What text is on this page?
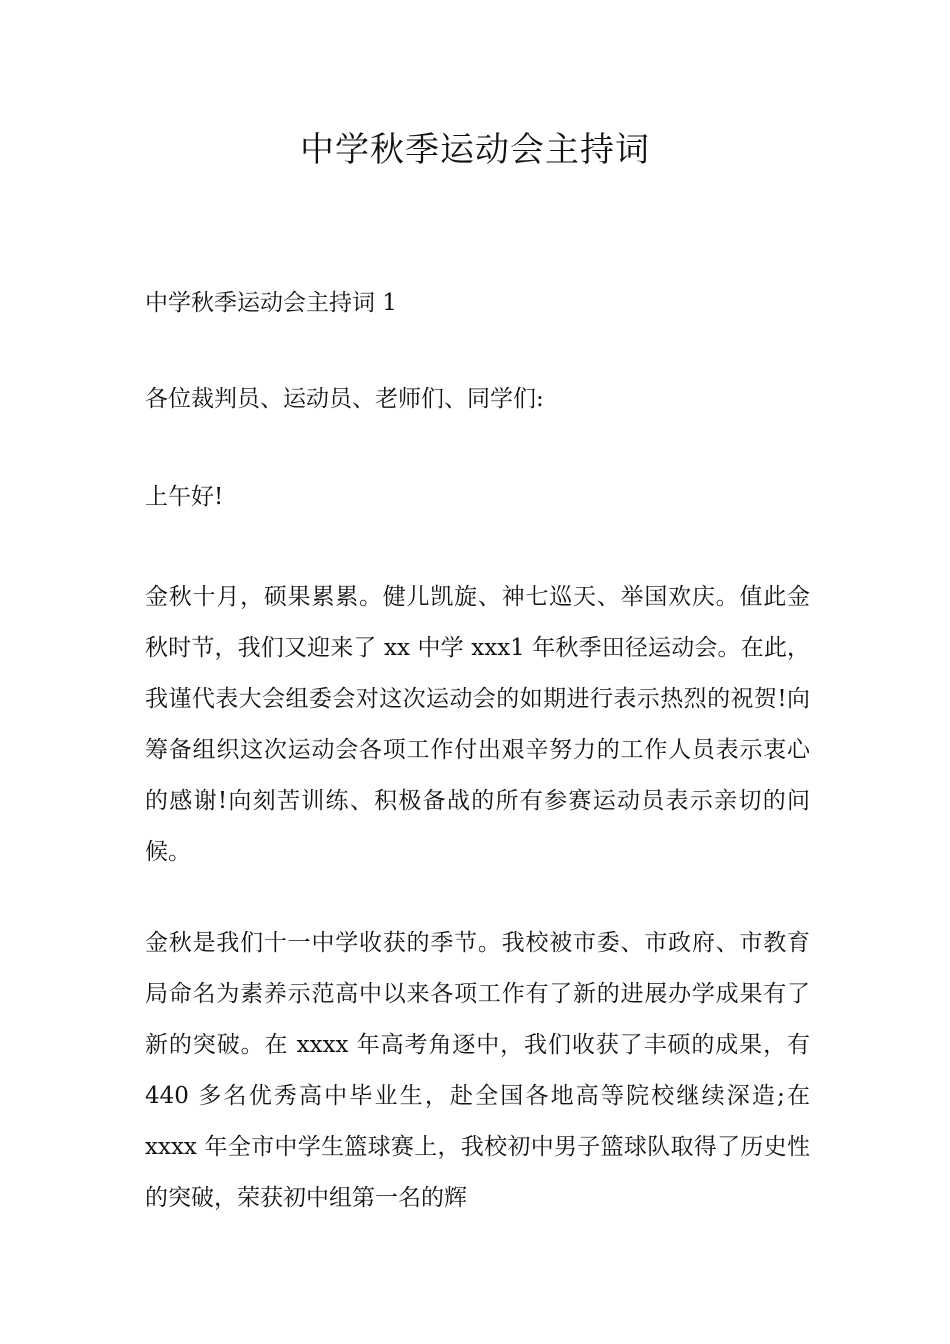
中学秋季运动会主持词

中学秋季运动会主持词 1

各位裁判员、运动员、老师们、同学们:

上午好!

金秋十月，硕果累累。健儿凯旋、神七巡天、举国欢庆。值此金秋时节，我们又迎来了 xx 中学 xxx1 年秋季田径运动会。在此，我谨代表大会组委会对这次运动会的如期进行表示热烈的祝贺!向筹备组织这次运动会各项工作付出艰辛努力的工作人员表示衷心的感谢!向刻苦训练、积极备战的所有参赛运动员表示亲切的问候。

金秋是我们十一中学收获的季节。我校被市委、市政府、市教育局命名为素养示范高中以来各项工作有了新的进展办学成果有了新的突破。在 xxxx 年高考角逐中，我们收获了丰硕的成果，有 440 多名优秀高中毕业生，赴全国各地高等院校继续深造;在 xxxx 年全市中学生篮球赛上，我校初中男子篮球队取得了历史性的突破，荣获初中组第一名的辉
